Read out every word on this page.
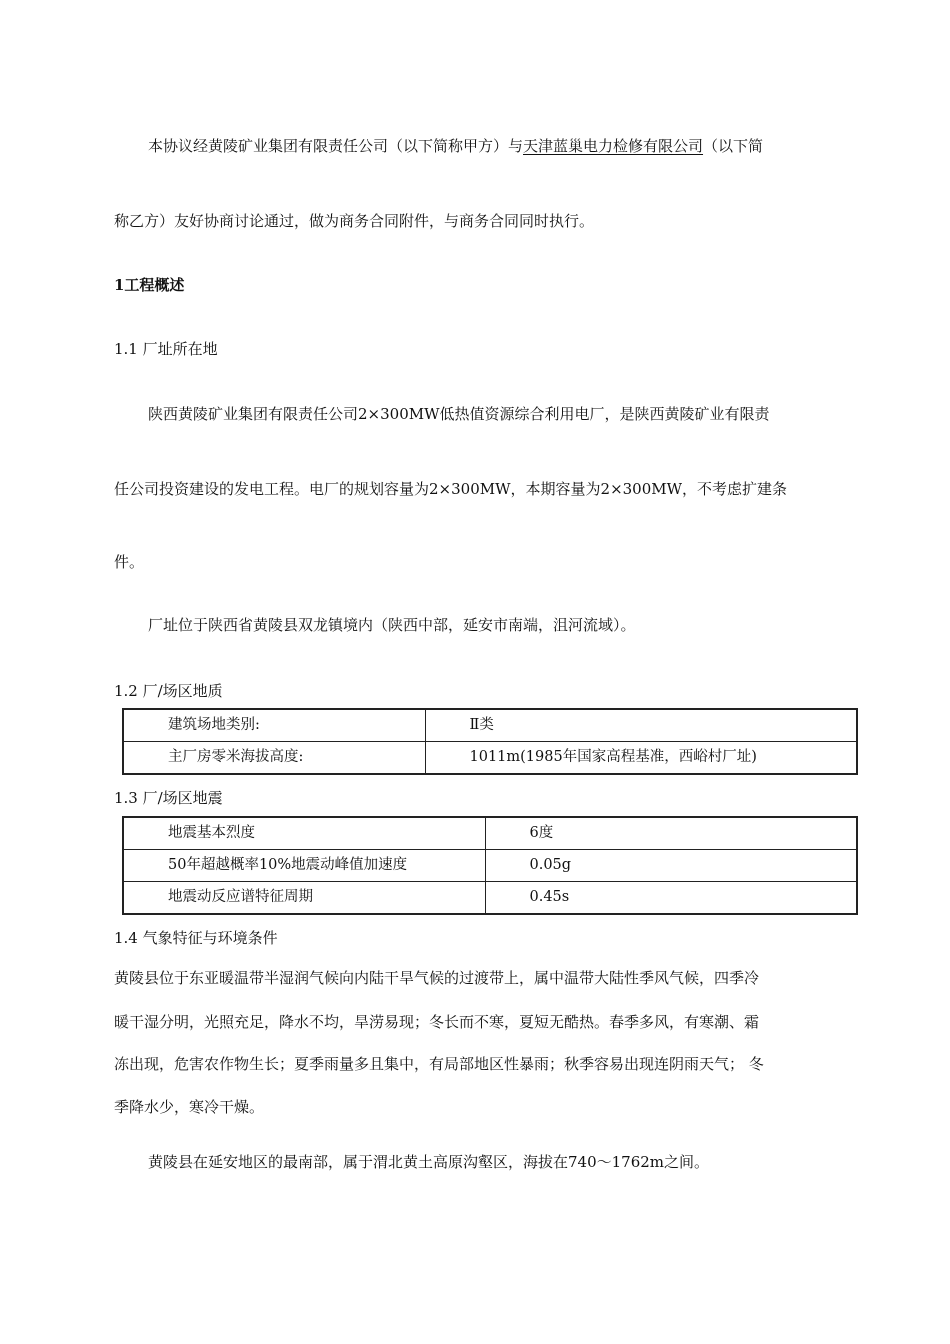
本协议经黄陵矿业集团有限责任公司（以下简称甲方）与天津蓝巢电力检修有限公司（以下简
称乙方）友好协商讨论通过，做为商务合同附件，与商务合同同时执行。
1工程概述
1.1 厂址所在地
陕西黄陵矿业集团有限责任公司2×300MW低热值资源综合利用电厂，是陕西黄陵矿业有限责
任公司投资建设的发电工程。电厂的规划容量为2×300MW，本期容量为2×300MW，不考虑扩建条
件。
厂址位于陕西省黄陵县双龙镇境内（陕西中部，延安市南端，沮河流域）。
1.2 厂/场区地质
建筑场地类别:	Ⅱ类
主厂房零米海拔高度:	1011m(1985年国家高程基准，西峪村厂址)
1.3 厂/场区地震
地震基本烈度	6度
50年超越概率10%地震动峰值加速度	0.05g
地震动反应谱特征周期	0.45s
1.4 气象特征与环境条件
黄陵县位于东亚暖温带半湿润气候向内陆干旱气候的过渡带上，属中温带大陆性季风气候，四季冷
暖干湿分明，光照充足，降水不均，旱涝易现；冬长而不寒，夏短无酷热。春季多风，有寒潮、霜
冻出现，危害农作物生长；夏季雨量多且集中，有局部地区性暴雨；秋季容易出现连阴雨天气； 冬
季降水少，寒冷干燥。
黄陵县在延安地区的最南部，属于渭北黄土高原沟壑区，海拔在740～1762m之间。
